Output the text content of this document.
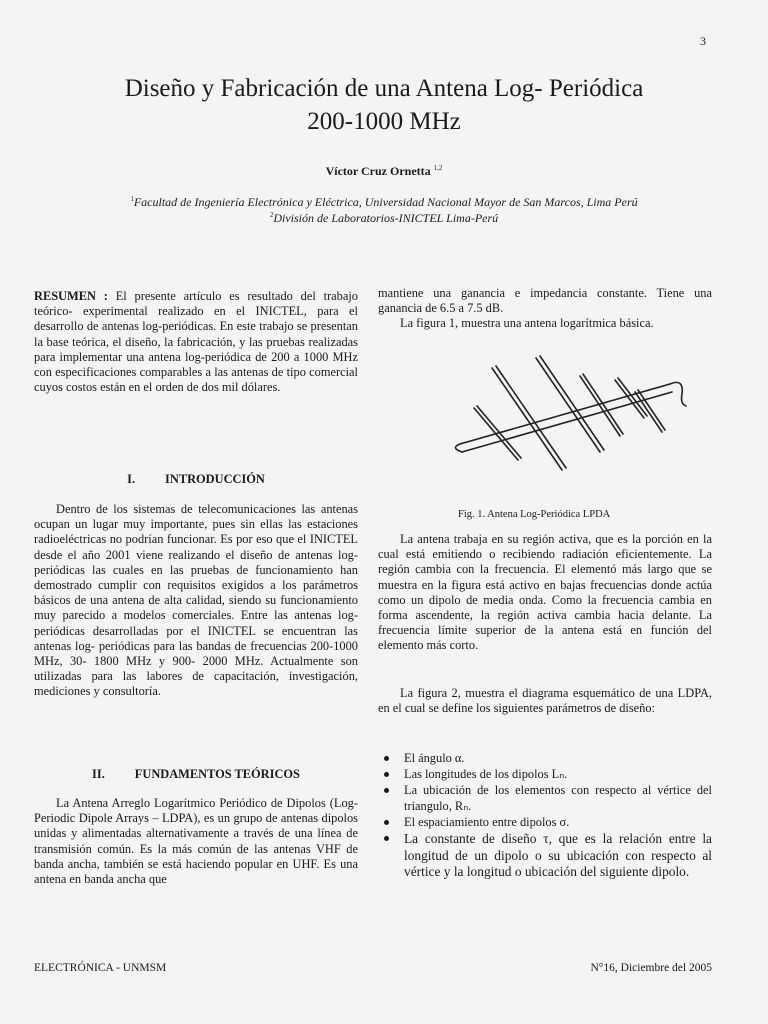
3
Diseño y Fabricación de una Antena Log- Periódica
200-1000 MHz
Víctor Cruz Ornetta $^{1,2}$
$^1$Facultad de Ingeniería Electrónica y Eléctrica, Universidad Nacional Mayor de San Marcos, Lima Perú
$^2$División de Laboratorios-INICTEL Lima-Perú

RESUMEN : El presente artículo es resultado del trabajo teórico- experimental realizado en el INICTEL, para el desarrollo de antenas log-periódicas. En este trabajo se presentan la base teórica, el diseño, la fabricación, y las pruebas realizadas para implementar una antena log-periódica de 200 a 1000 MHz con especificaciones comparables a las antenas de tipo comercial cuyos costos están en el orden de dos mil dólares.

I. INTRODUCCIÓN

Dentro de los sistemas de telecomunicaciones las antenas ocupan un lugar muy importante, pues sin ellas las estaciones radioeléctricas no podrían funcionar. Es por eso que el INICTEL desde el año 2001 viene realizando el diseño de antenas log-periódicas las cuales en las pruebas de funcionamiento han demostrado cumplir con requisitos exigidos a los parámetros básicos de una antena de alta calidad, siendo su funcionamiento muy parecido a modelos comerciales. Entre las antenas log-periódicas desarrolladas por el INICTEL se encuentran las antenas log- periódicas para las bandas de frecuencias 200-1000 MHz, 30- 1800 MHz y 900- 2000 MHz. Actualmente son utilizadas para las labores de capacitación, investigación, mediciones y consultoría.

II. FUNDAMENTOS TEÓRICOS

La Antena Arreglo Logarítmico Periódico de Dipolos (Log-Periodic Dipole Arrays – LDPA), es un grupo de antenas dipolos unidas y alimentadas alternativamente a través de una línea de transmisión común. Es la más común de las antenas VHF de banda ancha, también se está haciendo popular en UHF. Es una antena en banda ancha que

mantiene una ganancia e impedancia constante. Tiene una ganancia de 6.5 a 7.5 dB.

La figura 1, muestra una antena logarítmica básica.

Fig. 1. Antena Log-Periódica LPDA

La antena trabaja en su región activa, que es la porción en la cual está emitiendo o recibiendo radiación eficientemente. La región cambia con la frecuencia. El elementó más largo que se muestra en la figura está activo en bajas frecuencias donde actúa como un dipolo de media onda. Como la frecuencia cambia en forma ascendente, la región activa cambia hacia delante. La frecuencia límite superior de la antena está en función del elemento más corto.

La figura 2, muestra el diagrama esquemático de una LDPA, en el cual se define los siguientes parámetros de diseño:

El ángulo α.
Las longitudes de los dipolos Lₙ.
La ubicación de los elementos con respecto al vértice del triangulo, Rₙ.
El espaciamiento entre dipolos σ.
La constante de diseño τ, que es la relación entre la longitud de un dipolo o su ubicación con respecto al vértice y la longitud o ubicación del siguiente dipolo.
ELECTRÓNICA - UNMSM	N°16, Diciembre del 2005
